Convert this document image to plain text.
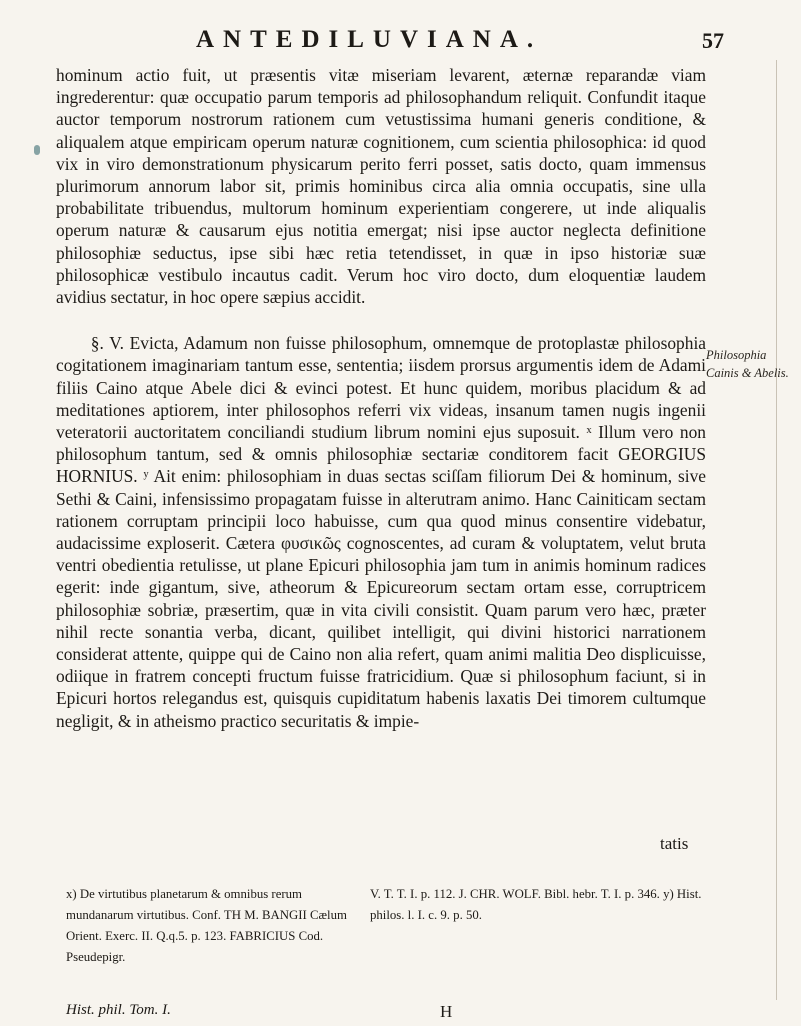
ANTEDILUVIANA.	57

hominum actio fuit, ut præsentis vitæ miseriam levarent, æternæ reparandæ viam ingrederentur: quæ occupatio parum temporis ad philosophandum reliquit. Confundit itaque auctor temporum nostrorum rationem cum vetustissima humani generis conditione, & aliqualem atque empiricam operum naturæ cognitionem, cum scientia philosophica: id quod vix in viro demonstrationum physicarum perito ferri posset, satis docto, quam immensus plurimorum annorum labor sit, primis hominibus circa alia omnia occupatis, sine ulla probabilitate tribuendus, multorum hominum experientiam congerere, ut inde aliqualis operum naturæ & causarum ejus notitia emergat; nisi ipse auctor neglecta definitione philosophiæ seductus, ipse sibi hæc retia tetendisset, in quæ in ipso historiæ suæ philosophicæ vestibulo incautus cadit. Verum hoc viro docto, dum eloquentiæ laudem avidius sectatur, in hoc opere sæpius accidit.

§. V. Evicta, Adamum non fuisse philosophum, omnemque de protoplastæ philosophia cogitationem imaginariam tantum esse, sententia; iisdem prorsus argumentis idem de Adami filiis Caino atque Abele dici & evinci potest. Et hunc quidem, moribus placidum & ad meditationes aptiorem, inter philosophos referri vix videas, insanum tamen nugis ingenii veteratorii auctoritatem conciliandi studium librum nomini ejus suposuit. ˣ Illum vero non philosophum tantum, sed & omnis philosophiæ sectariæ conditorem facit GEORGIUS HORNIUS. ʸ Ait enim: philosophiam in duas sectas sciſſam filiorum Dei & hominum, sive Sethi & Caini, infensissimo propagatam fuisse in alterutram animo. Hanc Cainiticam sectam rationem corruptam principii loco habuisse, cum qua quod minus consentire videbatur, audacissime exploserit. Cætera φυσικῶς cognoscentes, ad curam & voluptatem, velut bruta ventri obedientia retulisse, ut plane Epicuri philosophia jam tum in animis hominum radices egerit: inde gigantum, sive, atheorum & Epicureorum sectam ortam esse, corruptricem philosophiæ sobriæ, præsertim, quæ in vita civili consistit. Quam parum vero hæc, præter nihil recte sonantia verba, dicant, quilibet intelligit, qui divini historici narrationem considerat attente, quippe qui de Caino non alia refert, quam animi malitia Deo displicuisse, odiique in fratrem concepti fructum fuisse fratricidium. Quæ si philosophum faciunt, si in Epicuri hortos relegandus est, quisquis cupiditatum habenis laxatis Dei timorem cultumque negligit, & in atheismo practico securitatis & impie-

Philosophia Cainis & Abelis.
tatis

x) De virtutibus planetarum & omnibus rerum mundanarum virtutibus. Conf. TH M. BANGII Cælum Orient. Exerc. II. Q.q.5. p. 123. FABRICIUS Cod. Pseudepigr.

V. T. T. I. p. 112. J. CHR. WOLF. Bibl. hebr. T. I. p. 346. y) Hist. philos. l. I. c. 9. p. 50.

Hist. phil. Tom. I.	H
